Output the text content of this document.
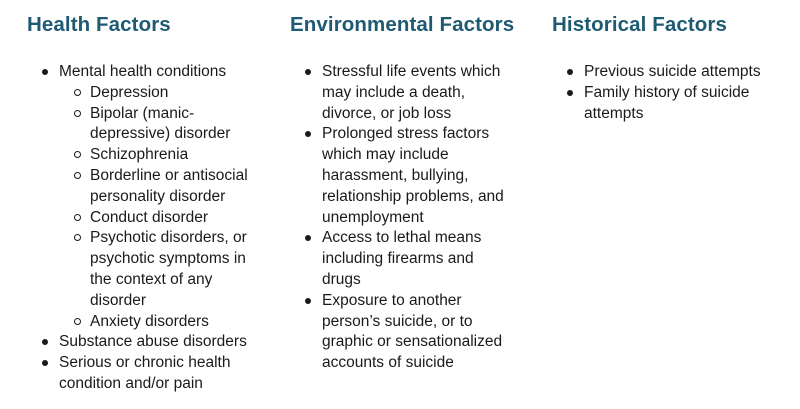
Health Factors
Mental health conditions
Depression
Bipolar (manic-
depressive) disorder
Schizophrenia
Borderline or antisocial
personality disorder
Conduct disorder
Psychotic disorders, or
psychotic symptoms in
the context of any
disorder
Anxiety disorders
Substance abuse disorders
Serious or chronic health
condition and/or pain
Environmental Factors
Stressful life events which
may include a death,
divorce, or job loss
Prolonged stress factors
which may include
harassment, bullying,
relationship problems, and
unemployment
Access to lethal means
including firearms and
drugs
Exposure to another
person’s suicide, or to
graphic or sensationalized
accounts of suicide
Historical Factors
Previous suicide attempts
Family history of suicide
attempts
